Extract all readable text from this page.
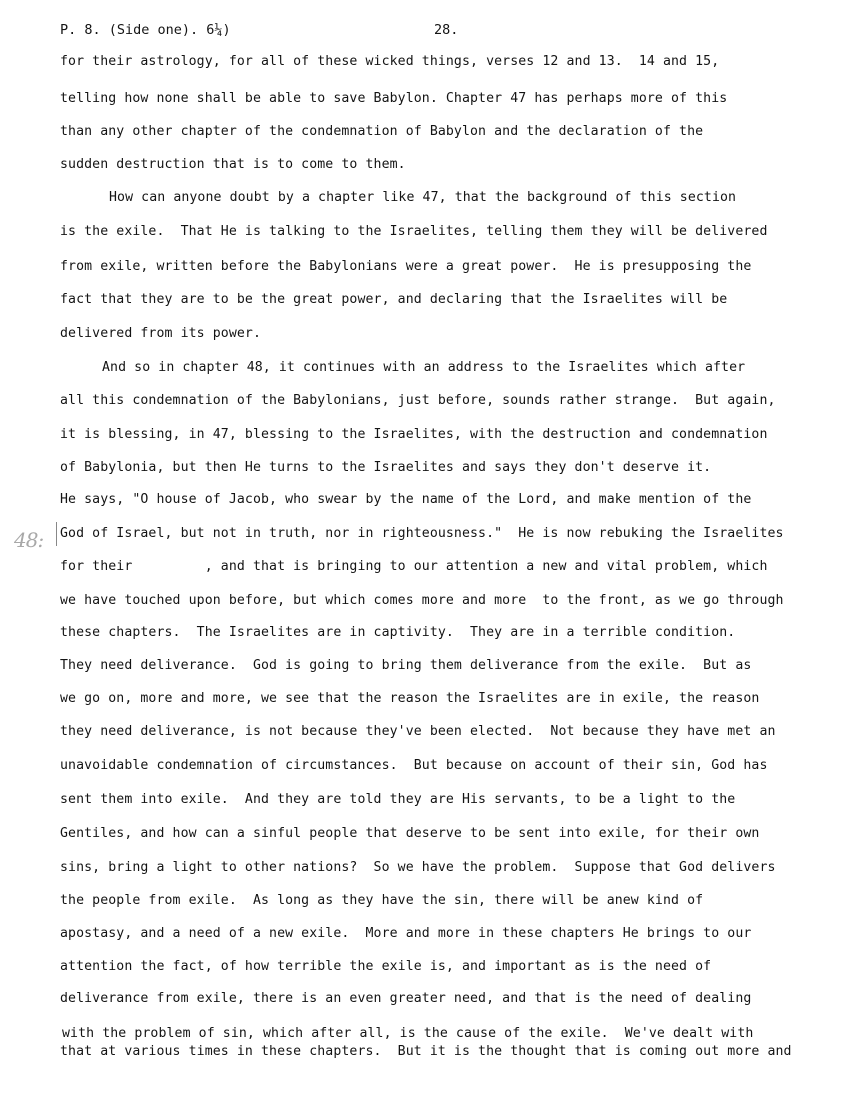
P. 8. (Side one). 6¼)	28.
48:
for their astrology, for all of these wicked things, verses 12 and 13.  14 and 15,
telling how none shall be able to save Babylon. Chapter 47 has perhaps more of this
than any other chapter of the condemnation of Babylon and the declaration of the
sudden destruction that is to come to them.
How can anyone doubt by a chapter like 47, that the background of this section
is the exile.  That He is talking to the Israelites, telling them they will be delivered
from exile, written before the Babylonians were a great power.  He is presupposing the
fact that they are to be the great power, and declaring that the Israelites will be
delivered from its power.
And so in chapter 48, it continues with an address to the Israelites which after
all this condemnation of the Babylonians, just before, sounds rather strange.  But again,
it is blessing, in 47, blessing to the Israelites, with the destruction and condemnation
of Babylonia, but then He turns to the Israelites and says they don't deserve it.
He says, "O house of Jacob, who swear by the name of the Lord, and make mention of the
God of Israel, but not in truth, nor in righteousness."  He is now rebuking the Israelites
for their         , and that is bringing to our attention a new and vital problem, which
we have touched upon before, but which comes more and more  to the front, as we go through
these chapters.  The Israelites are in captivity.  They are in a terrible condition.
They need deliverance.  God is going to bring them deliverance from the exile.  But as
we go on, more and more, we see that the reason the Israelites are in exile, the reason
they need deliverance, is not because they've been elected.  Not because they have met an
unavoidable condemnation of circumstances.  But because on account of their sin, God has
sent them into exile.  And they are told they are His servants, to be a light to the
Gentiles, and how can a sinful people that deserve to be sent into exile, for their own
sins, bring a light to other nations?  So we have the problem.  Suppose that God delivers
the people from exile.  As long as they have the sin, there will be anew kind of
apostasy, and a need of a new exile.  More and more in these chapters He brings to our
attention the fact, of how terrible the exile is, and important as is the need of
deliverance from exile, there is an even greater need, and that is the need of dealing
with the problem of sin, which after all, is the cause of the exile.  We've dealt with
that at various times in these chapters.  But it is the thought that is coming out more and
